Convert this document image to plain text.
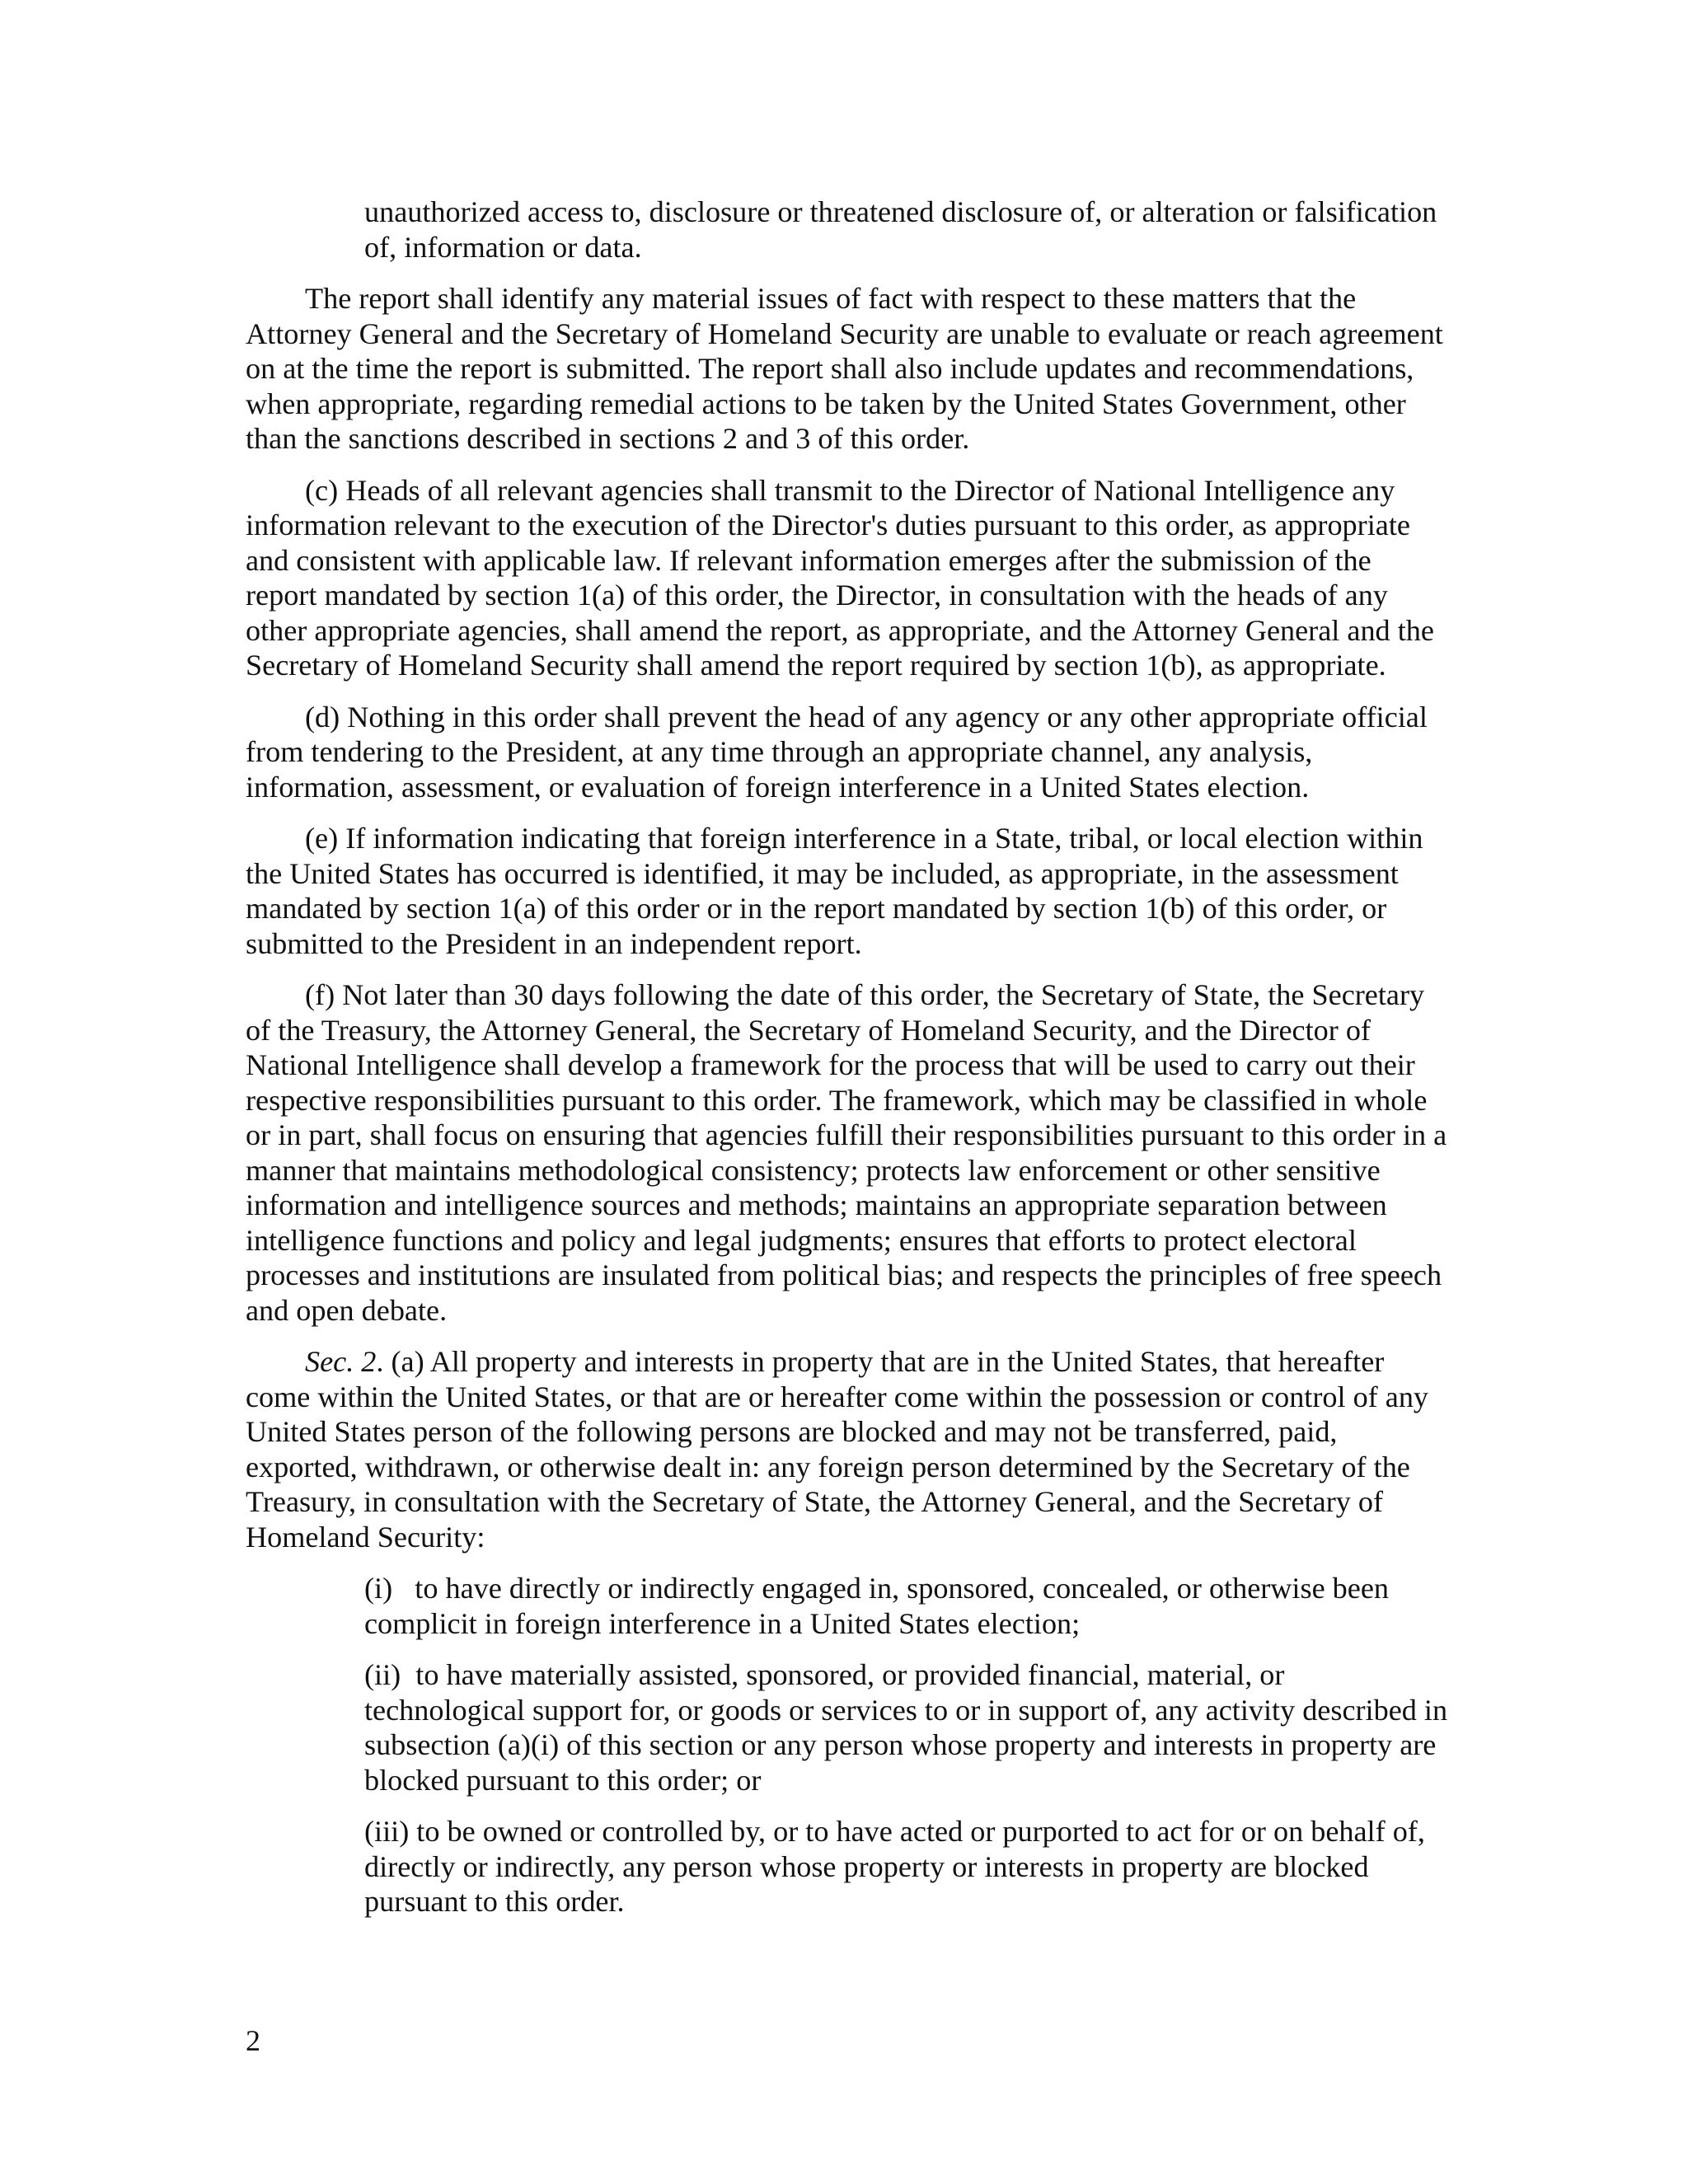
unauthorized access to, disclosure or threatened disclosure of, or alteration or falsification of, information or data.

The report shall identify any material issues of fact with respect to these matters that the Attorney General and the Secretary of Homeland Security are unable to evaluate or reach agreement on at the time the report is submitted. The report shall also include updates and recommendations, when appropriate, regarding remedial actions to be taken by the United States Government, other than the sanctions described in sections 2 and 3 of this order.

(c) Heads of all relevant agencies shall transmit to the Director of National Intelligence any information relevant to the execution of the Director's duties pursuant to this order, as appropriate and consistent with applicable law. If relevant information emerges after the submission of the report mandated by section 1(a) of this order, the Director, in consultation with the heads of any other appropriate agencies, shall amend the report, as appropriate, and the Attorney General and the Secretary of Homeland Security shall amend the report required by section 1(b), as appropriate.

(d) Nothing in this order shall prevent the head of any agency or any other appropriate official from tendering to the President, at any time through an appropriate channel, any analysis, information, assessment, or evaluation of foreign interference in a United States election.

(e) If information indicating that foreign interference in a State, tribal, or local election within the United States has occurred is identified, it may be included, as appropriate, in the assessment mandated by section 1(a) of this order or in the report mandated by section 1(b) of this order, or submitted to the President in an independent report.

(f) Not later than 30 days following the date of this order, the Secretary of State, the Secretary of the Treasury, the Attorney General, the Secretary of Homeland Security, and the Director of National Intelligence shall develop a framework for the process that will be used to carry out their respective responsibilities pursuant to this order. The framework, which may be classified in whole or in part, shall focus on ensuring that agencies fulfill their responsibilities pursuant to this order in a manner that maintains methodological consistency; protects law enforcement or other sensitive information and intelligence sources and methods; maintains an appropriate separation between intelligence functions and policy and legal judgments; ensures that efforts to protect electoral processes and institutions are insulated from political bias; and respects the principles of free speech and open debate.

Sec. 2. (a) All property and interests in property that are in the United States, that hereafter come within the United States, or that are or hereafter come within the possession or control of any United States person of the following persons are blocked and may not be transferred, paid, exported, withdrawn, or otherwise dealt in: any foreign person determined by the Secretary of the Treasury, in consultation with the Secretary of State, the Attorney General, and the Secretary of Homeland Security:

(i)   to have directly or indirectly engaged in, sponsored, concealed, or otherwise been complicit in foreign interference in a United States election;

(ii)  to have materially assisted, sponsored, or provided financial, material, or technological support for, or goods or services to or in support of, any activity described in subsection (a)(i) of this section or any person whose property and interests in property are blocked pursuant to this order; or

(iii) to be owned or controlled by, or to have acted or purported to act for or on behalf of, directly or indirectly, any person whose property or interests in property are blocked pursuant to this order.

2
